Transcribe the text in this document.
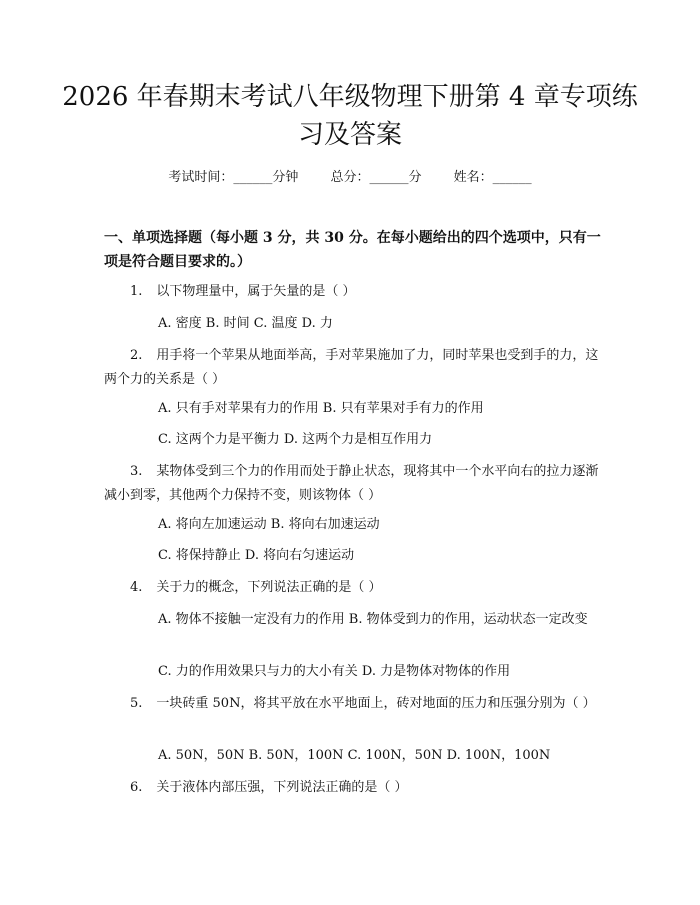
2026 年春期末考试八年级物理下册第 4 章专项练习及答案
考试时间：______分钟 总分：______分 姓名：______

一、单项选择题（每小题 3 分，共 30 分。在每小题给出的四个选项中，只有一项是符合题目要求的。）

1. 以下物理量中，属于矢量的是（ ）

A. 密度 B. 时间 C. 温度 D. 力

2. 用手将一个苹果从地面举高，手对苹果施加了力，同时苹果也受到手的力，这两个力的关系是（ ）

A. 只有手对苹果有力的作用 B. 只有苹果对手有力的作用

C. 这两个力是平衡力 D. 这两个力是相互作用力

3. 某物体受到三个力的作用而处于静止状态，现将其中一个水平向右的拉力逐渐减小到零，其他两个力保持不变，则该物体（ ）

A. 将向左加速运动 B. 将向右加速运动

C. 将保持静止 D. 将向右匀速运动

4. 关于力的概念，下列说法正确的是（ ）

A. 物体不接触一定没有力的作用 B. 物体受到力的作用，运动状态一定改变

C. 力的作用效果只与力的大小有关 D. 力是物体对物体的作用

5. 一块砖重 50N，将其平放在水平地面上，砖对地面的压力和压强分别为（ ）

A. 50N，50N B. 50N，100N C. 100N，50N D. 100N，100N

6. 关于液体内部压强，下列说法正确的是（ ）
